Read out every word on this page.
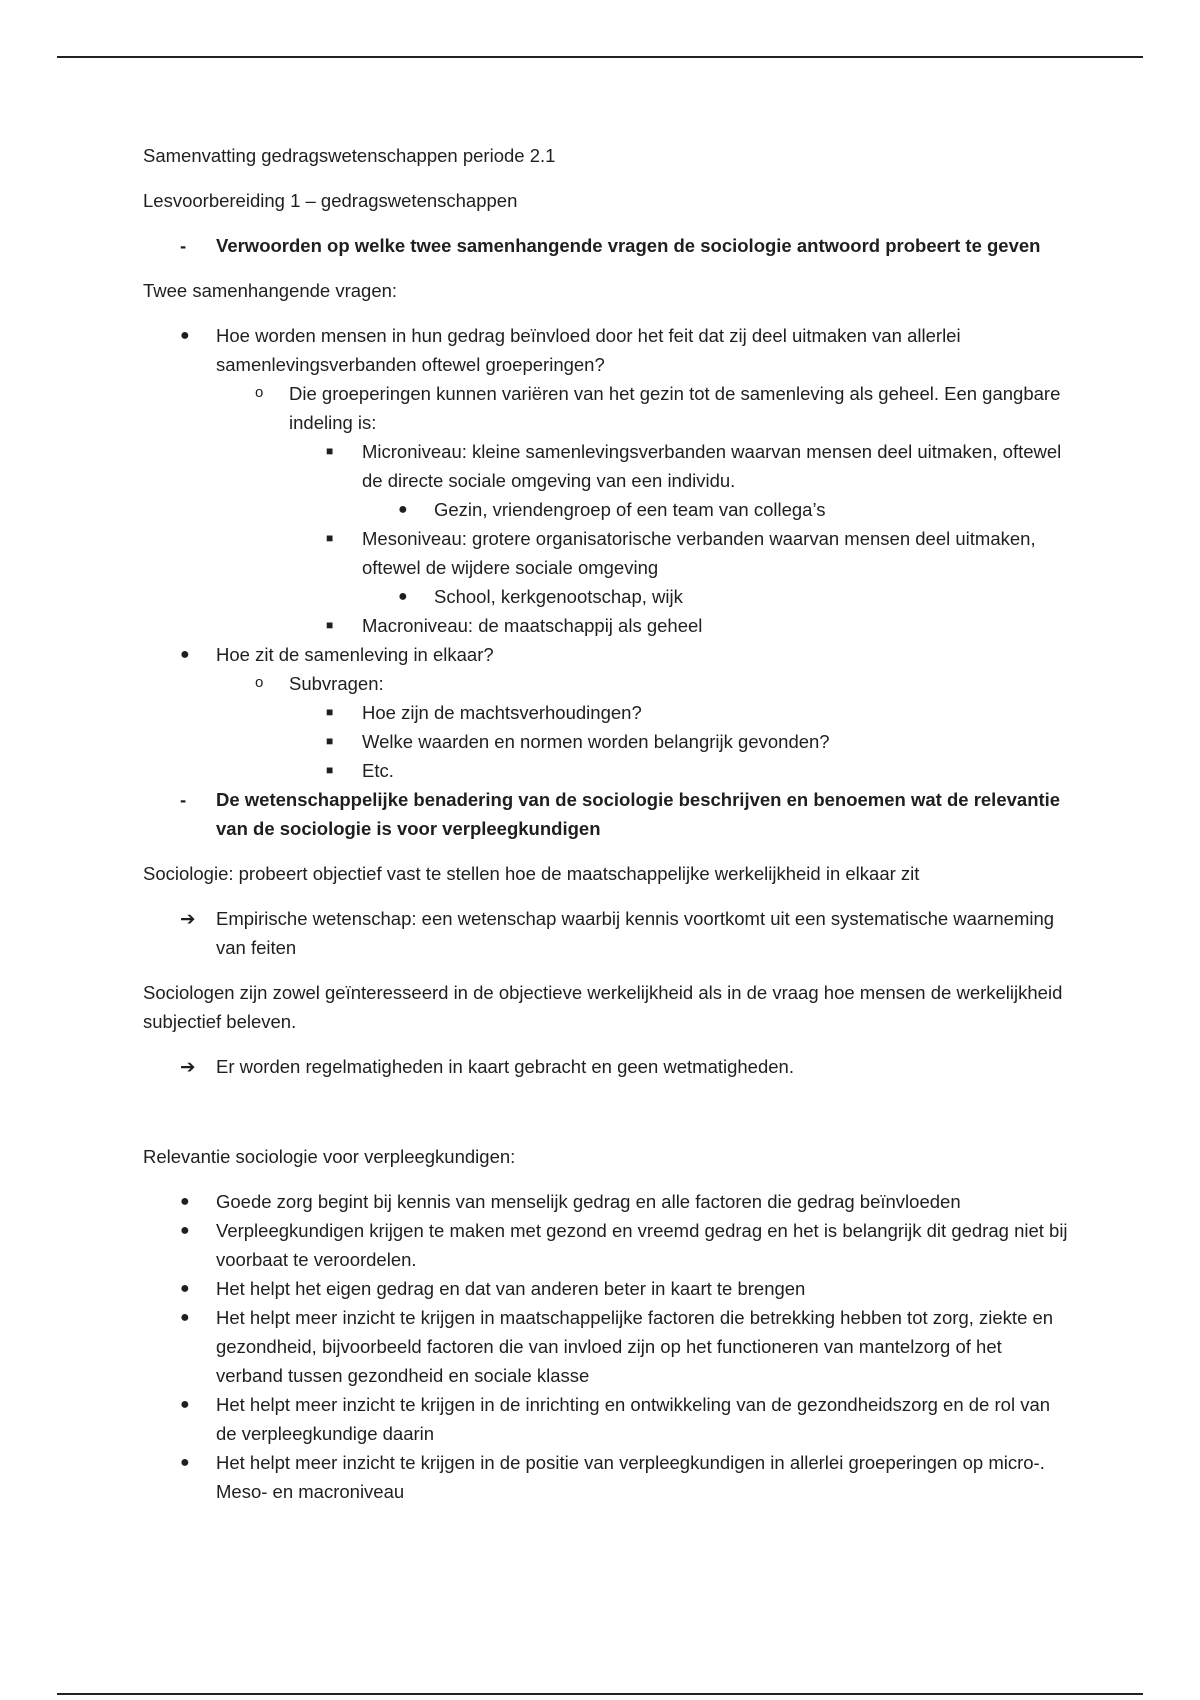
Samenvatting gedragswetenschappen periode 2.1

Lesvoorbereiding 1 – gedragswetenschappen

- Verwoorden op welke twee samenhangende vragen de sociologie antwoord probeert te geven

Twee samenhangende vragen:

● Hoe worden mensen in hun gedrag beïnvloed door het feit dat zij deel uitmaken van allerlei samenlevingsverbanden oftewel groeperingen?
o Die groeperingen kunnen variëren van het gezin tot de samenleving als geheel. Een gangbare indeling is:
■ Microniveau: kleine samenlevingsverbanden waarvan mensen deel uitmaken, oftewel de directe sociale omgeving van een individu.
● Gezin, vriendengroep of een team van collega’s
■ Mesoniveau: grotere organisatorische verbanden waarvan mensen deel uitmaken, oftewel de wijdere sociale omgeving
● School, kerkgenootschap, wijk
■ Macroniveau: de maatschappij als geheel
● Hoe zit de samenleving in elkaar?
o Subvragen:
■ Hoe zijn de machtsverhoudingen?
■ Welke waarden en normen worden belangrijk gevonden?
■ Etc.
- De wetenschappelijke benadering van de sociologie beschrijven en benoemen wat de relevantie van de sociologie is voor verpleegkundigen

Sociologie: probeert objectief vast te stellen hoe de maatschappelijke werkelijkheid in elkaar zit

➔ Empirische wetenschap: een wetenschap waarbij kennis voortkomt uit een systematische waarneming van feiten

Sociologen zijn zowel geïnteresseerd in de objectieve werkelijkheid als in de vraag hoe mensen de werkelijkheid subjectief beleven.

➔ Er worden regelmatigheden in kaart gebracht en geen wetmatigheden.

Relevantie sociologie voor verpleegkundigen:

● Goede zorg begint bij kennis van menselijk gedrag en alle factoren die gedrag beïnvloeden
● Verpleegkundigen krijgen te maken met gezond en vreemd gedrag en het is belangrijk dit gedrag niet bij voorbaat te veroordelen.
● Het helpt het eigen gedrag en dat van anderen beter in kaart te brengen
● Het helpt meer inzicht te krijgen in maatschappelijke factoren die betrekking hebben tot zorg, ziekte en gezondheid, bijvoorbeeld factoren die van invloed zijn op het functioneren van mantelzorg of het verband tussen gezondheid en sociale klasse
● Het helpt meer inzicht te krijgen in de inrichting en ontwikkeling van de gezondheidszorg en de rol van de verpleegkundige daarin
● Het helpt meer inzicht te krijgen in de positie van verpleegkundigen in allerlei groeperingen op micro-. Meso- en macroniveau
